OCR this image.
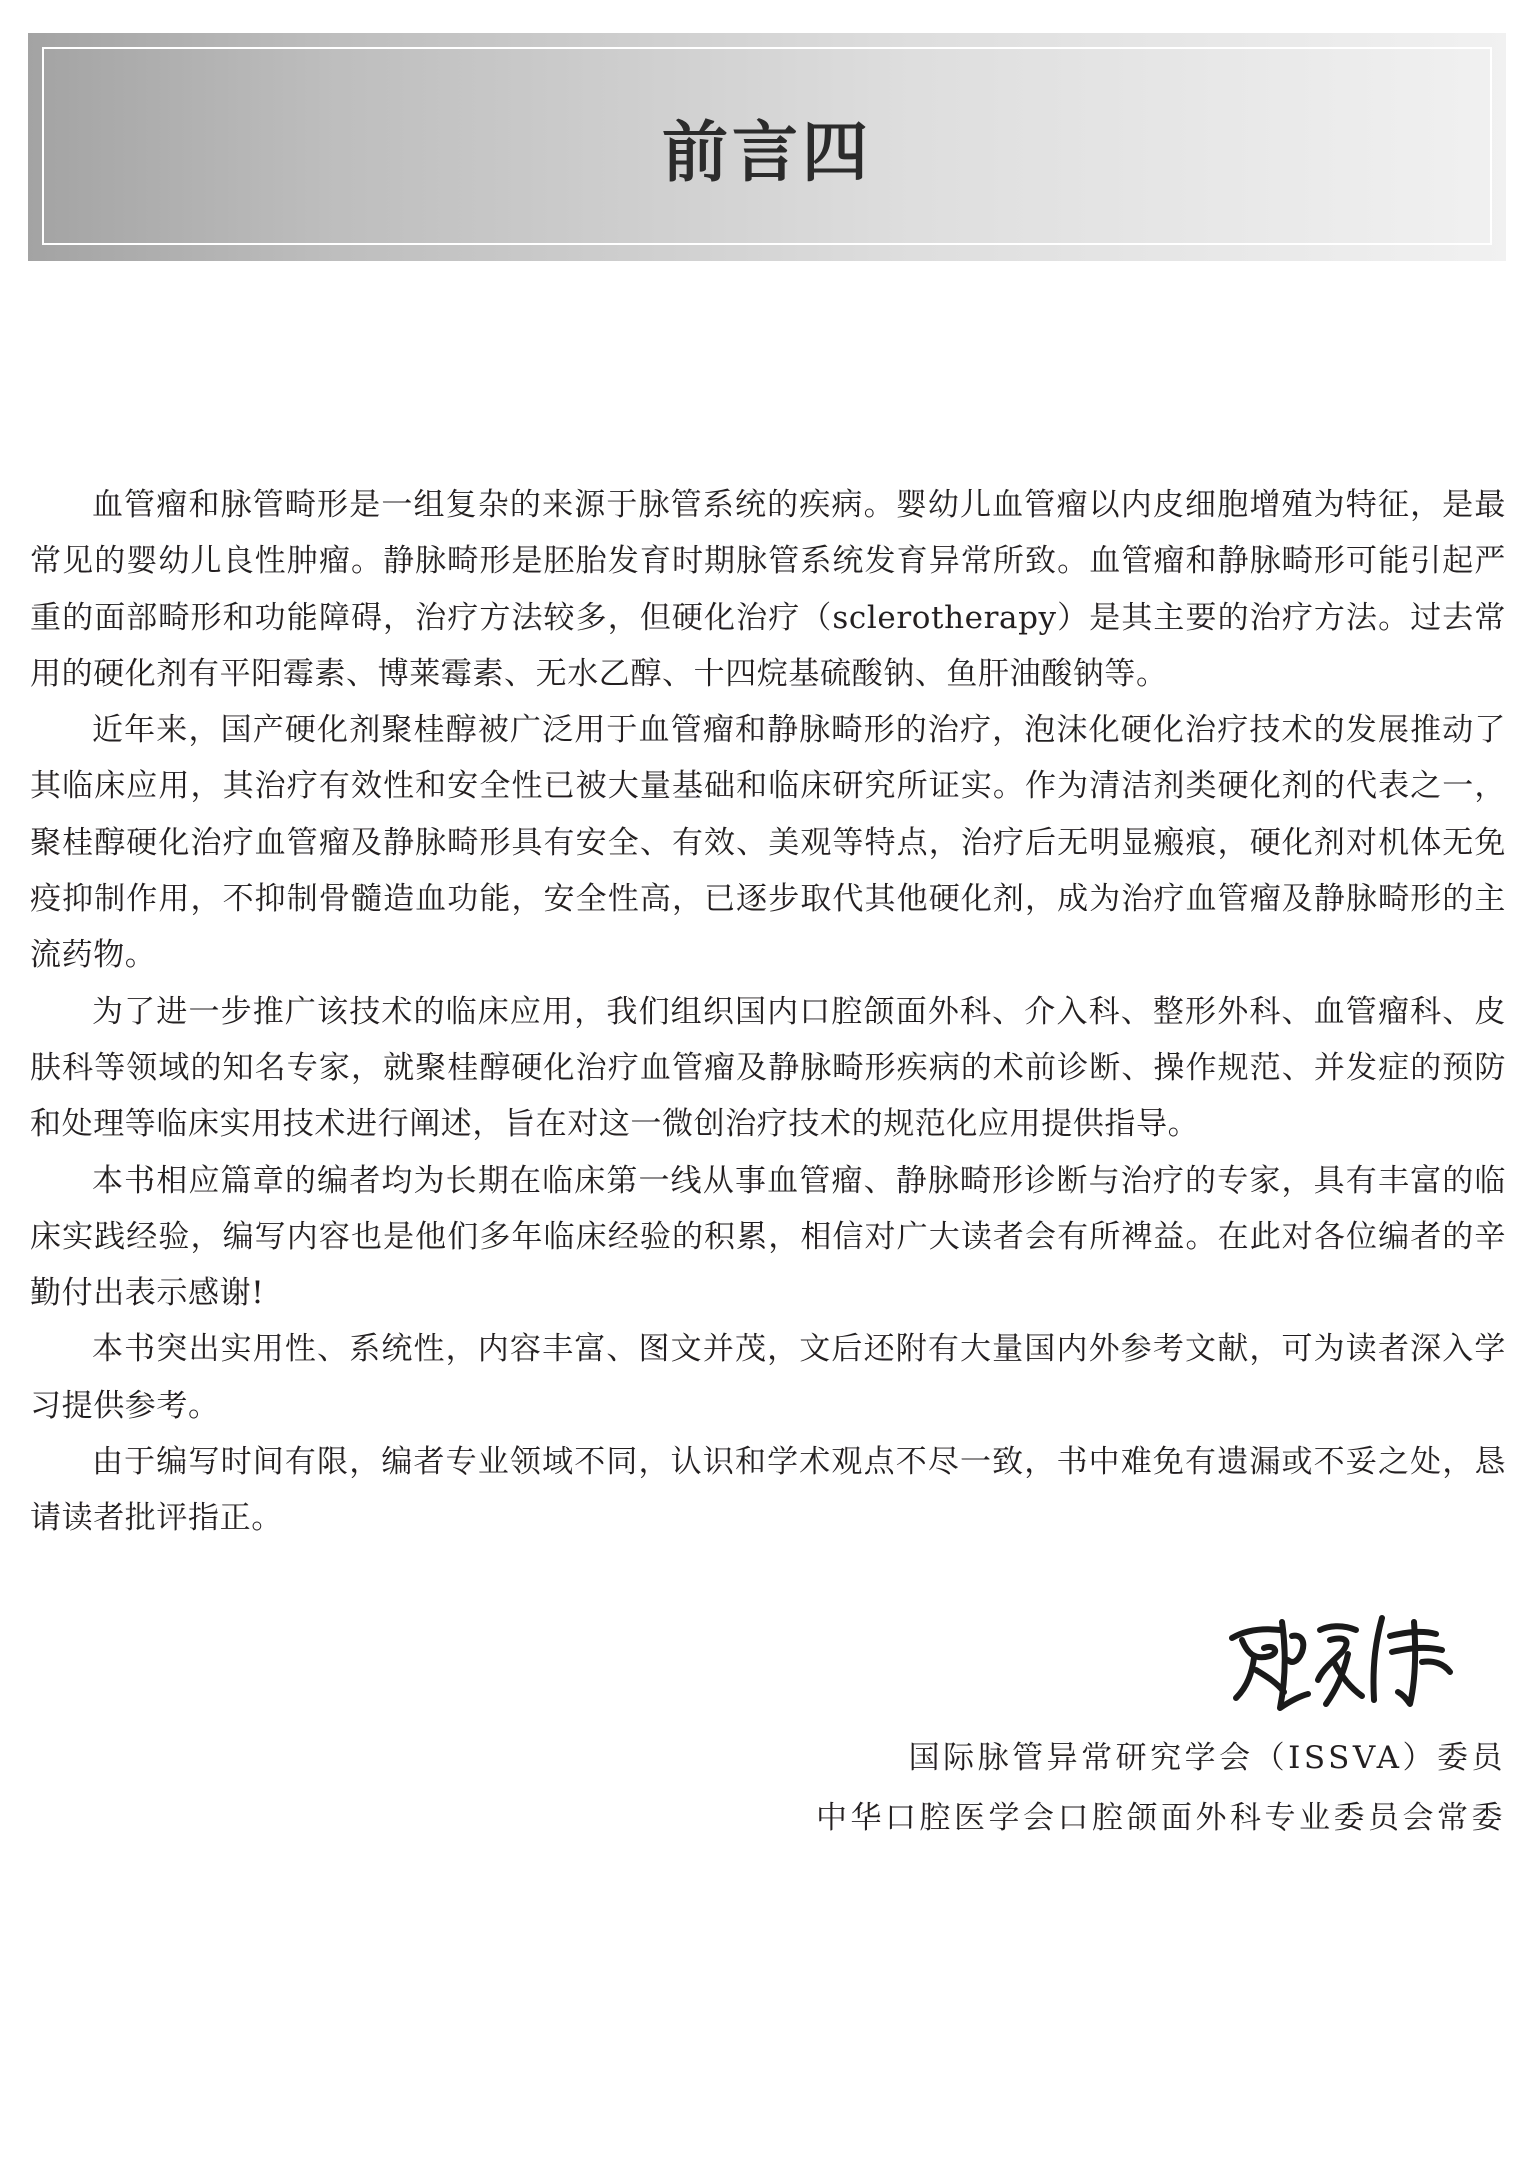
前言四

血管瘤和脉管畸形是一组复杂的来源于脉管系统的疾病。婴幼儿血管瘤以内皮细胞增殖为特征，是最常见的婴幼儿良性肿瘤。静脉畸形是胚胎发育时期脉管系统发育异常所致。血管瘤和静脉畸形可能引起严重的面部畸形和功能障碍，治疗方法较多，但硬化治疗（sclerotherapy）是其主要的治疗方法。过去常用的硬化剂有平阳霉素、博莱霉素、无水乙醇、十四烷基硫酸钠、鱼肝油酸钠等。

近年来，国产硬化剂聚桂醇被广泛用于血管瘤和静脉畸形的治疗，泡沫化硬化治疗技术的发展推动了其临床应用，其治疗有效性和安全性已被大量基础和临床研究所证实。作为清洁剂类硬化剂的代表之一，聚桂醇硬化治疗血管瘤及静脉畸形具有安全、有效、美观等特点，治疗后无明显瘢痕，硬化剂对机体无免疫抑制作用，不抑制骨髓造血功能，安全性高，已逐步取代其他硬化剂，成为治疗血管瘤及静脉畸形的主流药物。

为了进一步推广该技术的临床应用，我们组织国内口腔颌面外科、介入科、整形外科、血管瘤科、皮肤科等领域的知名专家，就聚桂醇硬化治疗血管瘤及静脉畸形疾病的术前诊断、操作规范、并发症的预防和处理等临床实用技术进行阐述，旨在对这一微创治疗技术的规范化应用提供指导。

本书相应篇章的编者均为长期在临床第一线从事血管瘤、静脉畸形诊断与治疗的专家，具有丰富的临床实践经验，编写内容也是他们多年临床经验的积累，相信对广大读者会有所裨益。在此对各位编者的辛勤付出表示感谢!

本书突出实用性、系统性，内容丰富、图文并茂，文后还附有大量国内外参考文献，可为读者深入学习提供参考。

由于编写时间有限，编者专业领域不同，认识和学术观点不尽一致，书中难免有遗漏或不妥之处，恳请读者批评指正。

国际脉管异常研究学会（ISSVA）委员
中华口腔医学会口腔颌面外科专业委员会常委
